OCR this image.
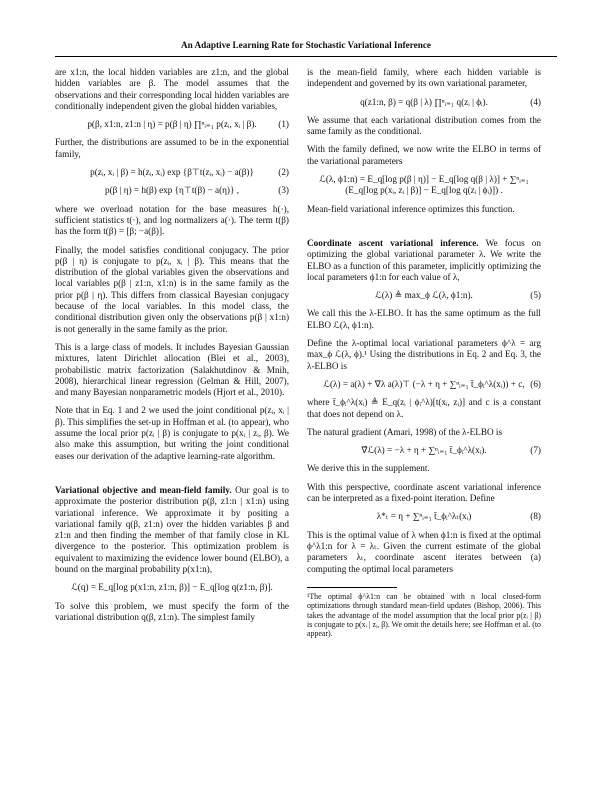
An Adaptive Learning Rate for Stochastic Variational Inference

are x1:n, the local hidden variables are z1:n, and the global hidden variables are β. The model assumes that the observations and their corresponding local hidden variables are conditionally independent given the global hidden variables,

p(β, x1:n, z1:n | η) = p(β | η) ∏ⁿᵢ₌₁ p(zᵢ, xᵢ | β). (1)

Further, the distributions are assumed to be in the exponential family,

p(zᵢ, xᵢ | β) = h(zᵢ, xᵢ) exp {β⊤t(zᵢ, xᵢ) − a(β)}	(2)
p(β | η) = h(β) exp {η⊤t(β) − a(η)} ,	(3)

where we overload notation for the base measures h(·), sufficient statistics t(·), and log normalizers a(·). The term t(β) has the form t(β) = [β; −a(β)].

Finally, the model satisfies conditional conjugacy. The prior p(β | η) is conjugate to p(zᵢ, xᵢ | β). This means that the distribution of the global variables given the observations and local variables p(β | z1:n, x1:n) is in the same family as the prior p(β | η). This differs from classical Bayesian conjugacy because of the local variables. In this model class, the conditional distribution given only the observations p(β | x1:n) is not generally in the same family as the prior.

This is a large class of models. It includes Bayesian Gaussian mixtures, latent Dirichlet allocation (Blei et al., 2003), probabilistic matrix factorization (Salakhutdinov & Mnih, 2008), hierarchical linear regression (Gelman & Hill, 2007), and many Bayesian nonparametric models (Hjort et al., 2010).

Note that in Eq. 1 and 2 we used the joint conditional p(zᵢ, xᵢ | β). This simplifies the set-up in Hoffman et al. (to appear), who assume the local prior p(zᵢ | β) is conjugate to p(xᵢ | zᵢ, β). We also make this assumption, but writing the joint conditional eases our derivation of the adaptive learning-rate algorithm.

Variational objective and mean-field family. Our goal is to approximate the posterior distribution p(β, z1:n | x1:n) using variational inference. We approximate it by positing a variational family q(β, z1:n) over the hidden variables β and z1:n and then finding the member of that family close in KL divergence to the posterior. This optimization problem is equivalent to maximizing the evidence lower bound (ELBO), a bound on the marginal probability p(x1:n),

ℒ(q) = E_q[log p(x1:n, z1:n, β)] − E_q[log q(z1:n, β)].

To solve this problem, we must specify the form of the variational distribution q(β, z1:n). The simplest family

is the mean-field family, where each hidden variable is independent and governed by its own variational parameter,

q(z1:n, β) = q(β | λ) ∏ⁿᵢ₌₁ q(zᵢ | ϕᵢ).	(4)

We assume that each variational distribution comes from the same family as the conditional.

With the family defined, we now write the ELBO in terms of the variational parameters

ℒ(λ, ϕ1:n) = E_q[log p(β | η)] − E_q[log q(β | λ)] + ∑ⁿᵢ₌₁ (E_q[log p(xᵢ, zᵢ | β)] − E_q[log q(zᵢ | ϕᵢ)]) .

Mean-field variational inference optimizes this function.

Coordinate ascent variational inference. We focus on optimizing the global variational parameter λ. We write the ELBO as a function of this parameter, implicitly optimizing the local parameters ϕ1:n for each value of λ,

ℒ(λ) ≜ max_ϕ ℒ(λ, ϕ1:n).	(5)

We call this the λ-ELBO. It has the same optimum as the full ELBO ℒ(λ, ϕ1:n).

Define the λ-optimal local variational parameters ϕ^λ = arg max_ϕ ℒ(λ, ϕ).¹ Using the distributions in Eq. 2 and Eq. 3, the λ-ELBO is

ℒ(λ) = a(λ) + ∇λ a(λ)⊤ (−λ + η + ∑ⁿᵢ₌₁ t̄_ϕᵢ^λ(xᵢ)) + c, (6)

where t̄_ϕᵢ^λ(xᵢ) ≜ E_q(zᵢ | ϕᵢ^λ)[t(xᵢ, zᵢ)] and c is a constant that does not depend on λ.

The natural gradient (Amari, 1998) of the λ-ELBO is

∇̂ℒ(λ) = −λ + η + ∑ⁿᵢ₌₁ t̄_ϕᵢ^λ(xᵢ).	(7)

We derive this in the supplement.

With this perspective, coordinate ascent variational inference can be interpreted as a fixed-point iteration. Define

λ*ₜ = η + ∑ⁿᵢ₌₁ t̄_ϕᵢ^λₜ(xᵢ)	(8)

This is the optimal value of λ when ϕ1:n is fixed at the optimal ϕ^λ1:n for λ = λₜ. Given the current estimate of the global parameters λₜ, coordinate ascent iterates between (a) computing the optimal local parameters

¹The optimal ϕ^λ1:n can be obtained with n local closed-form optimizations through standard mean-field updates (Bishop, 2006). This takes the advantage of the model assumption that the local prior p(zᵢ | β) is conjugate to p(xᵢ | zᵢ, β). We omit the details here; see Hoffman et al. (to appear).
